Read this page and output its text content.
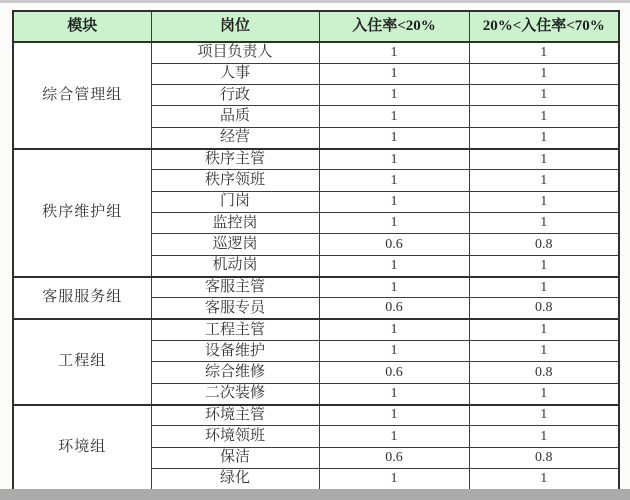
模块	岗位	入住率<20%	20%<入住率<70%
综合管理组	项目负责人	1	1
	人事	1	1
	行政	1	1
	品质	1	1
	经营	1	1
秩序维护组	秩序主管	1	1
	秩序领班	1	1
	门岗	1	1
	监控岗	1	1
	巡逻岗	0.6	0.8
	机动岗	1	1
客服服务组	客服主管	1	1
	客服专员	0.6	0.8
工程组	工程主管	1	1
	设备维护	1	1
	综合维修	0.6	0.8
	二次装修	1	1
环境组	环境主管	1	1
	环境领班	1	1
	保洁	0.6	0.8
	绿化	1	1
